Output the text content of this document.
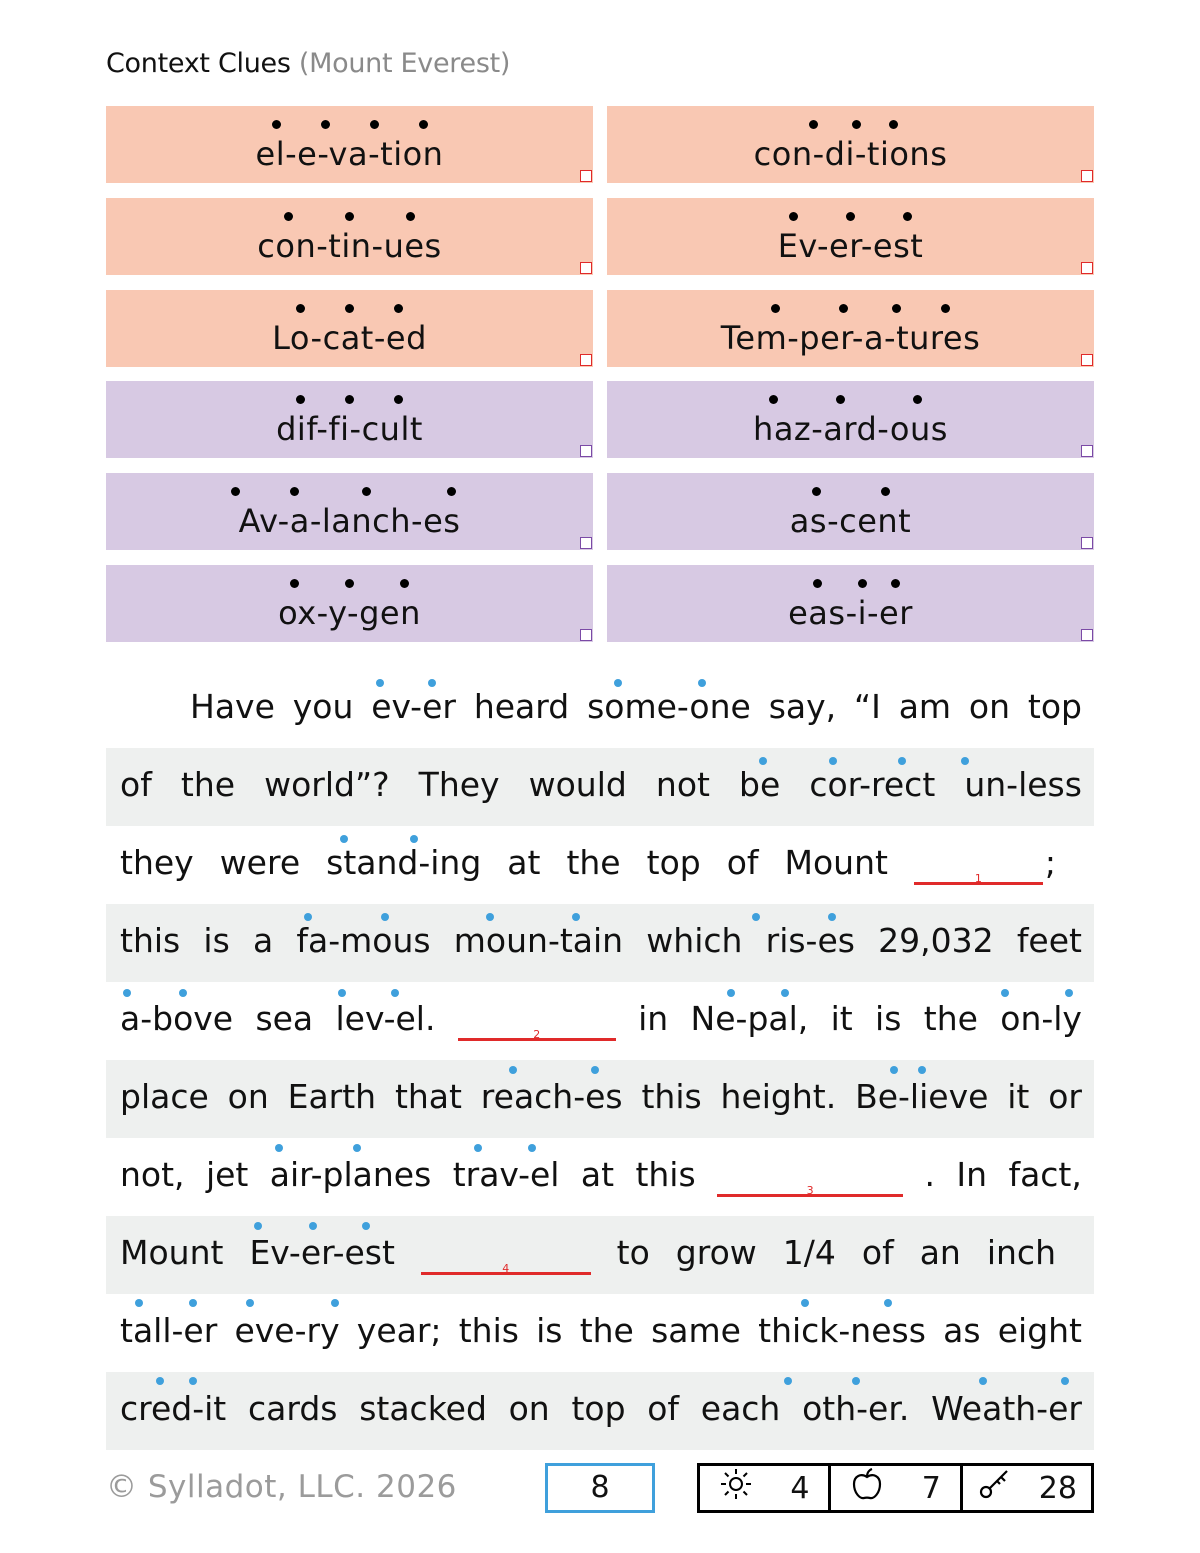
Context Clues (Mount Everest)
el-e-va-tion	con-di-tions
con-tin-ues	Ev-er-est
Lo-cat-ed	Tem-per-a-tures
dif-fi-cult	haz-ard-ous
Av-a-lanch-es	as-cent
ox-y-gen	eas-i-er
Have you ev-er heard some-one say, “I am on top
of the world”? They would not be cor-rect un-less
they were stand-ing at the top of Mount	1	;
this is a fa-mous moun-tain which ris-es 29,032 feet
a-bove sea lev-el.	2	in Ne-pal, it is the on-ly
place on Earth that reach-es this height. Be-lieve it or
not, jet air-planes trav-el at this	3	. In fact,
Mount Ev-er-est	4	to grow 1/4 of an inch
tall-er eve-ry year; this is the same thick-ness as eight
cred-it cards stacked on top of each oth-er. Weath-er
© Sylladot, LLC. 2026	8	4	7	28
